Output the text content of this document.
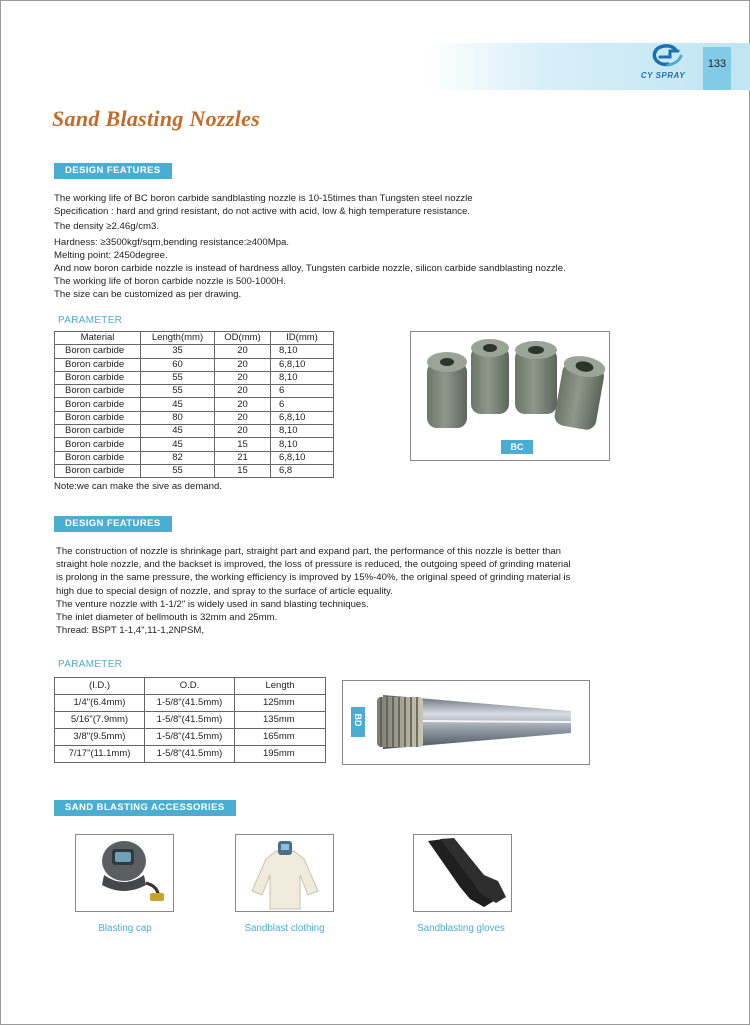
CY SPRAY
133
Sand Blasting Nozzles
DESIGN FEATURES

The working life of BC boron carbide sandblasting nozzle is 10-15times than Tungsten steel nozzle

Specification : hard and grind resistant, do not active with acid, low & high temperature resistance.

The density ≥2.46g/cm3.

Hardness: ≥3500kgf/sqm,bending resistance:≥400Mpa.

Melting point: 2450degree.

And now boron carbide nozzle is instead of hardness alloy, Tungsten carbide nozzle, silicon carbide sandblasting nozzle.

The working life of boron carbide nozzle is 500-1000H.

The size can be customized as per drawing.

PARAMETER
Material	Length(mm)	OD(mm)	ID(mm)
Boron carbide	35	20	8,10
Boron carbide	60	20	6,8,10
Boron carbide	55	20	8,10
Boron carbide	55	20	6
Boron carbide	45	20	6
Boron carbide	80	20	6,8,10
Boron carbide	45	20	8,10
Boron carbide	45	15	8,10
Boron carbide	82	21	6,8,10
Boron carbide	55	15	6,8
Note:we can make the sive as demand.
BC
DESIGN FEATURES

The construction of nozzle is shrinkage part, straight part and expand part, the performance of this nozzle is better than

straight hole nozzle, and the backset is improved, the loss of pressure is reduced, the outgoing speed of grinding material

is prolong in the same pressure, the working efficiency is improved by 15%-40%, the original speed of grinding material is

high due to special design of nozzle, and spray to the surface of article equality.

The venture nozzle with 1-1/2" is widely used in sand blasting techniques.

The inlet diameter of bellmouth is 32mm and 25mm.

Thread: BSPT 1-1,4",11-1,2NPSM,

PARAMETER
(I.D.)	O.D.	Length
1/4"(6.4mm)	1-5/8"(41.5mm)	125mm
5/16"(7.9mm)	1-5/8"(41.5mm)	135mm
3/8"(9.5mm)	1-5/8"(41.5mm)	165mm
7/17"(11.1mm)	1-5/8"(41.5mm)	195mm
BD
SAND BLASTING ACCESSORIES
Blasting cap	Sandblast clothing	Sandblasting gloves
